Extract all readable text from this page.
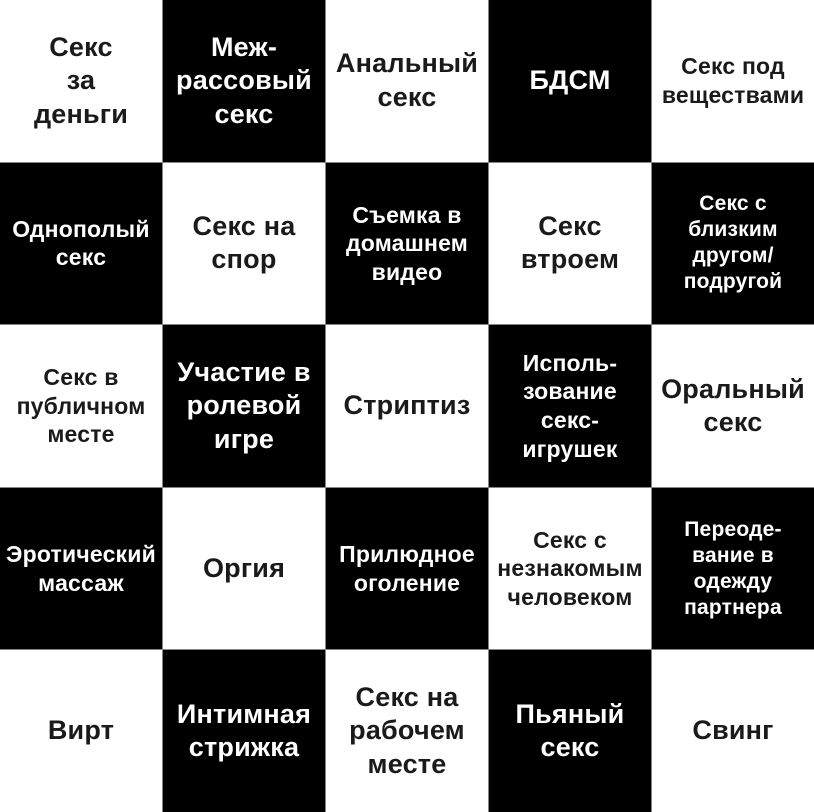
Секс
за
деньги
Меж-
рассовый
секс
Анальный
секс
БДСМ	Секс под
веществами
Однополый
секс
Секс на
спор
Съемка в
домашнем
видео
Секс
втроем
Секс с
близким
другом/
подругой
Секс в
публичном
месте
Участие в
ролевой
игре
Стриптиз
Исполь-
зование
секс-
игрушек
Оральный
секс
Эротический
массаж	Оргия Прилюдное
оголение
Секс с
незнакомым
человеком
Переоде-
вание в
одежду
партнера
Вирт
Интимная
стрижка
Секс на
рабочем
месте
Пьяный
секс
Свинг
